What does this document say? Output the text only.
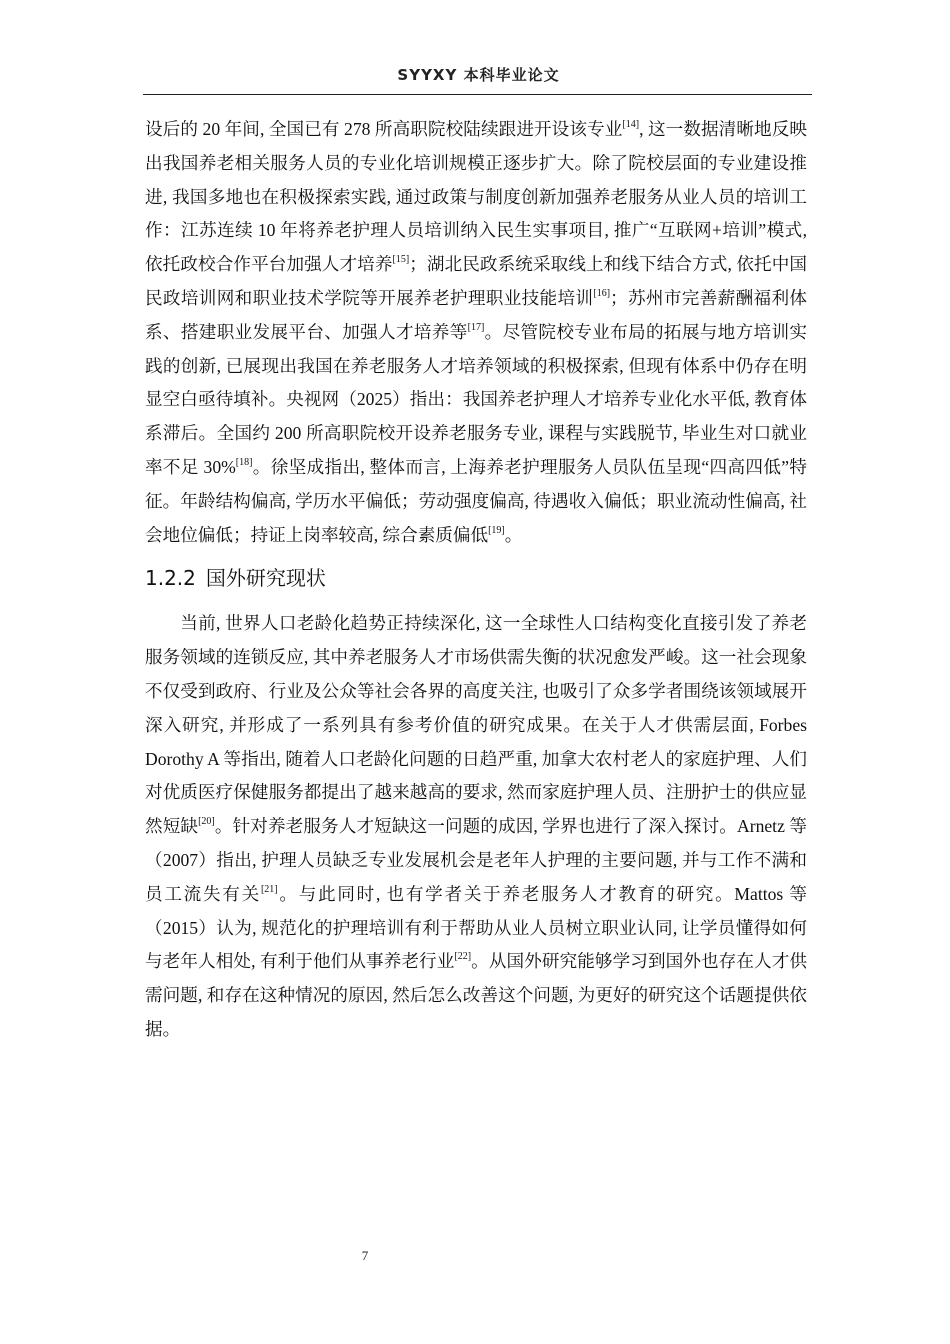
SYYXY 本科毕业论文

设后的 20 年间, 全国已有 278 所高职院校陆续跟进开设该专业[14], 这一数据清晰地反映出我国养老相关服务人员的专业化培训规模正逐步扩大。除了院校层面的专业建设推进, 我国多地也在积极探索实践, 通过政策与制度创新加强养老服务从业人员的培训工作：江苏连续 10 年将养老护理人员培训纳入民生实事项目, 推广“互联网+培训”模式, 依托政校合作平台加强人才培养[15]；湖北民政系统采取线上和线下结合方式, 依托中国民政培训网和职业技术学院等开展养老护理职业技能培训[16]；苏州市完善薪酬福利体系、搭建职业发展平台、加强人才培养等[17]。尽管院校专业布局的拓展与地方培训实践的创新, 已展现出我国在养老服务人才培养领域的积极探索, 但现有体系中仍存在明显空白亟待填补。央视网（2025）指出：我国养老护理人才培养专业化水平低, 教育体系滞后。全国约 200 所高职院校开设养老服务专业, 课程与实践脱节, 毕业生对口就业率不足 30%[18]。徐坚成指出, 整体而言, 上海养老护理服务人员队伍呈现“四高四低”特征。年龄结构偏高, 学历水平偏低；劳动强度偏高, 待遇收入偏低；职业流动性偏高, 社会地位偏低；持证上岗率较高, 综合素质偏低[19]。

1.2.2 国外研究现状

当前, 世界人口老龄化趋势正持续深化, 这一全球性人口结构变化直接引发了养老服务领域的连锁反应, 其中养老服务人才市场供需失衡的状况愈发严峻。这一社会现象不仅受到政府、行业及公众等社会各界的高度关注, 也吸引了众多学者围绕该领域展开深入研究, 并形成了一系列具有参考价值的研究成果。在关于人才供需层面, Forbes Dorothy A 等指出, 随着人口老龄化问题的日趋严重, 加拿大农村老人的家庭护理、人们对优质医疗保健服务都提出了越来越高的要求, 然而家庭护理人员、注册护士的供应显然短缺[20]。针对养老服务人才短缺这一问题的成因, 学界也进行了深入探讨。Arnetz 等（2007）指出, 护理人员缺乏专业发展机会是老年人护理的主要问题, 并与工作不满和员工流失有关[21]。与此同时, 也有学者关于养老服务人才教育的研究。Mattos 等（2015）认为, 规范化的护理培训有利于帮助从业人员树立职业认同, 让学员懂得如何与老年人相处, 有利于他们从事养老行业[22]。从国外研究能够学习到国外也存在人才供需问题, 和存在这种情况的原因, 然后怎么改善这个问题, 为更好的研究这个话题提供依据。

7
